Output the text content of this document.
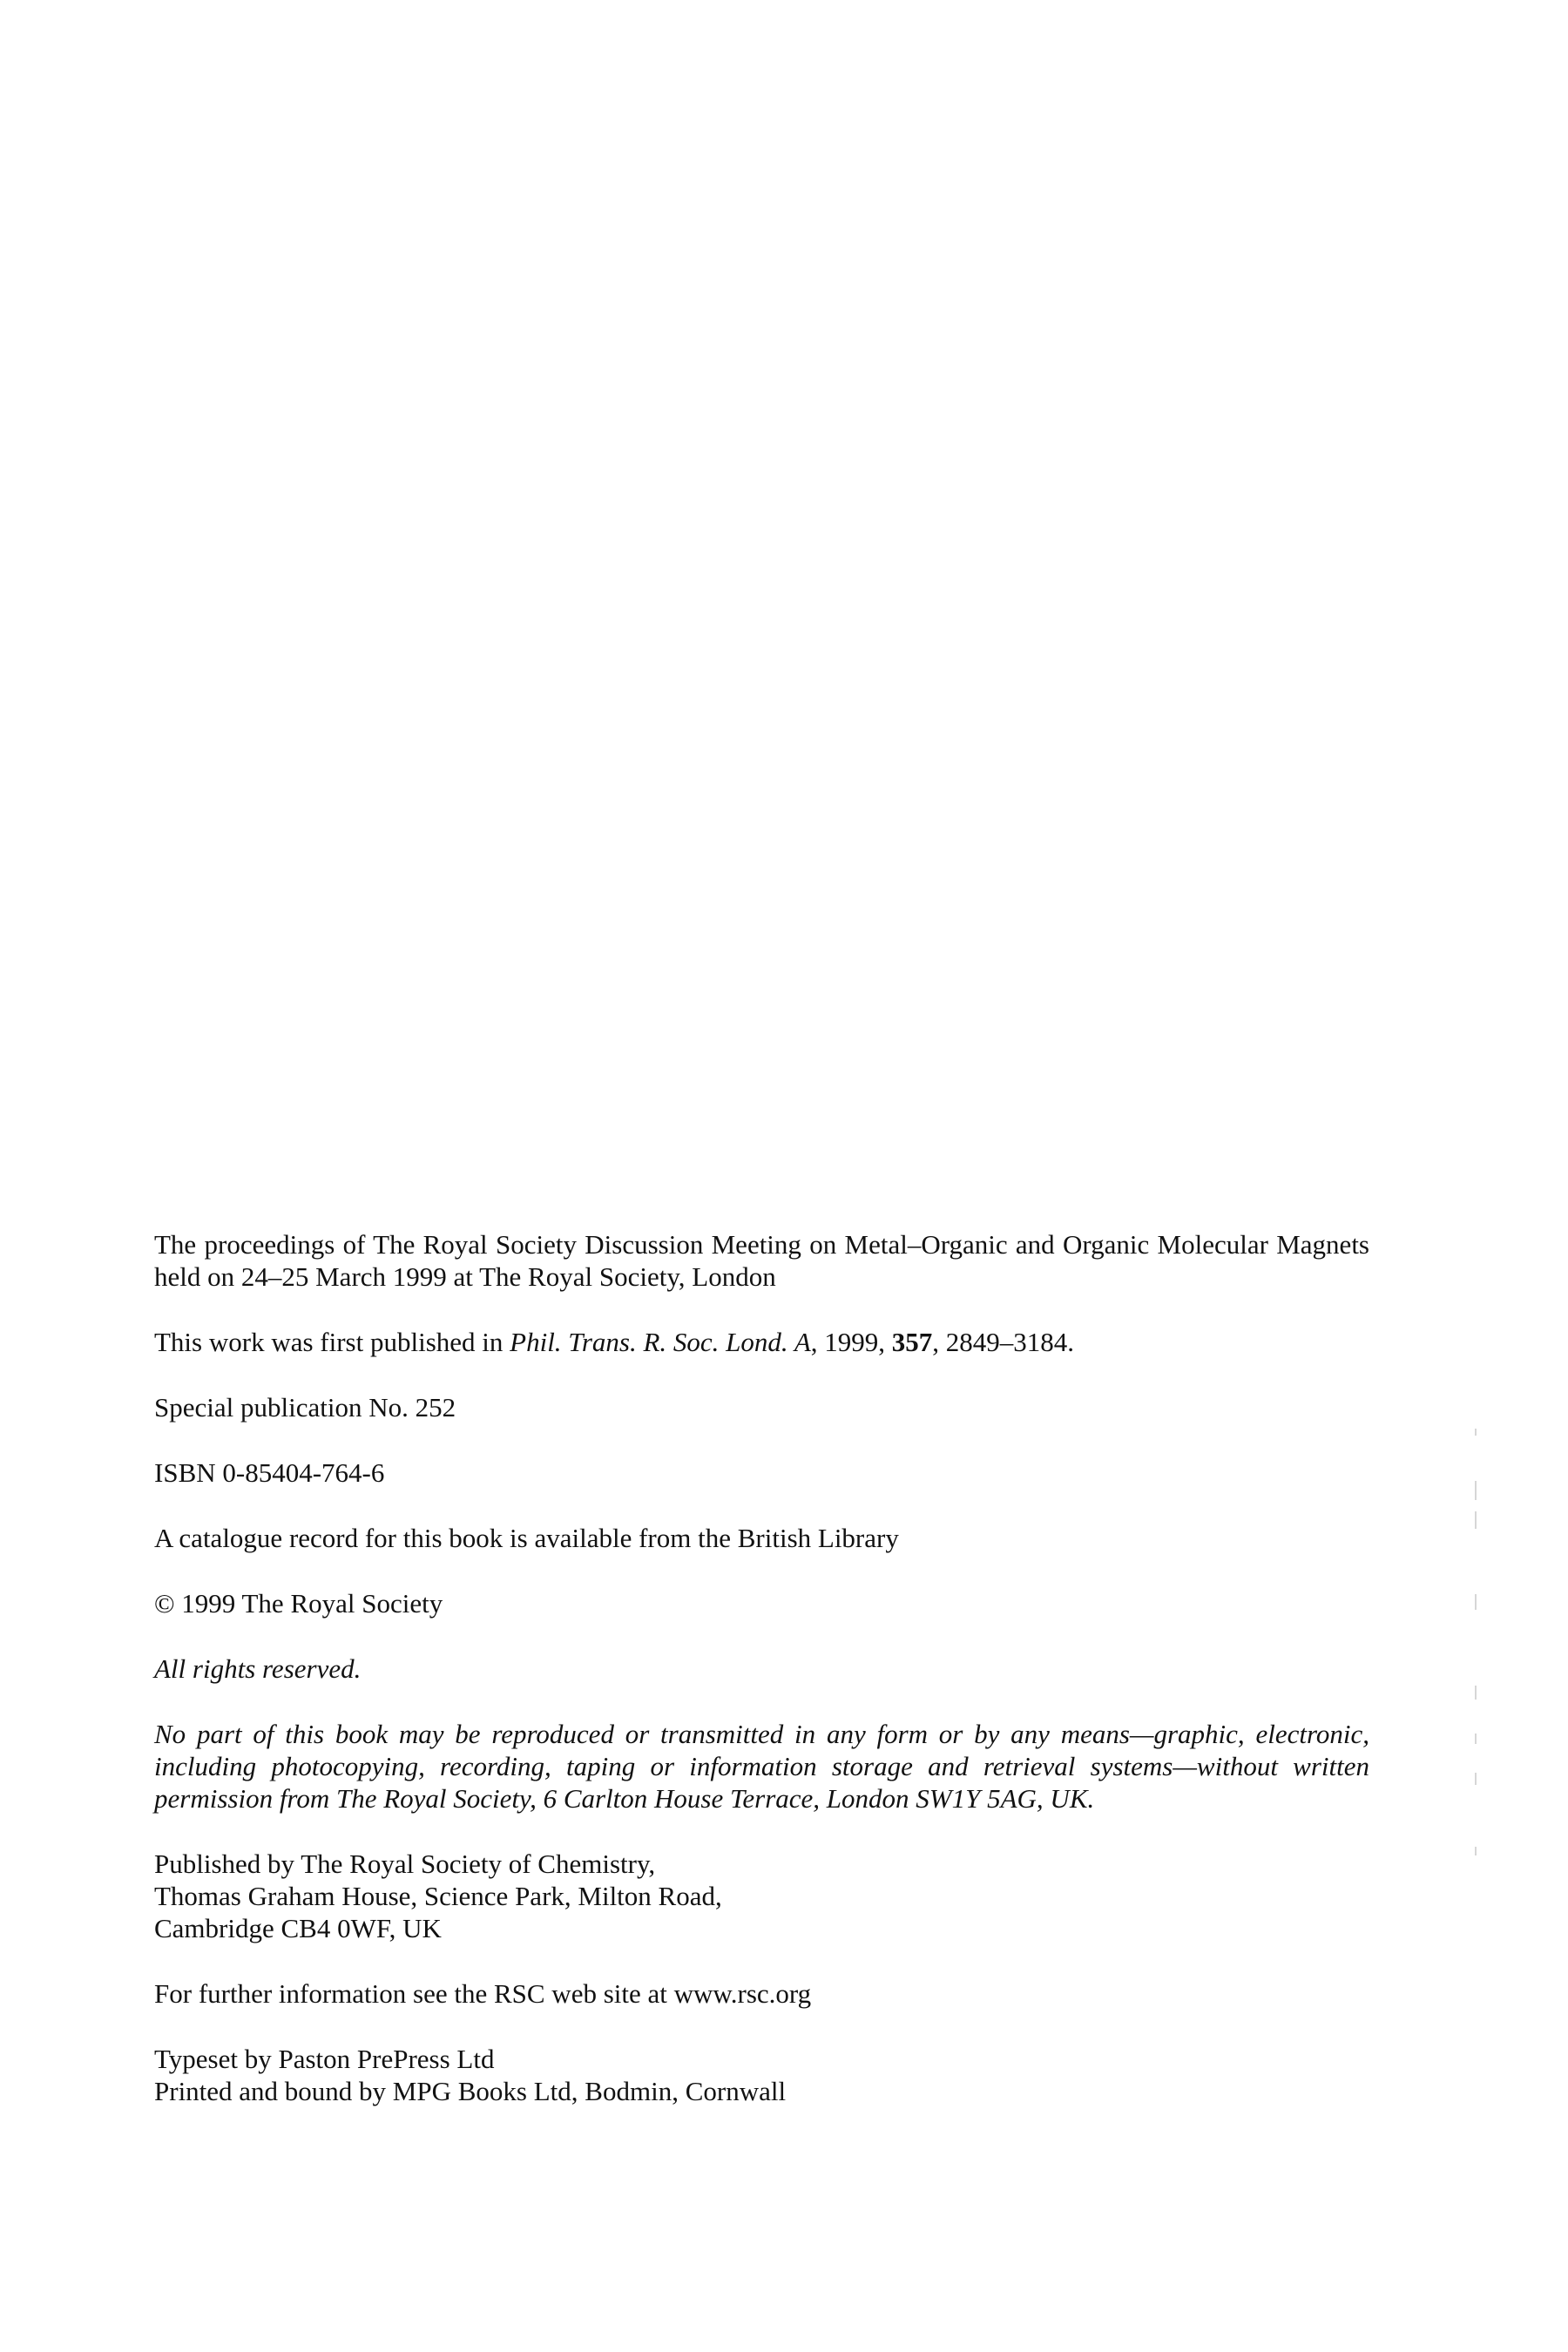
The proceedings of The Royal Society Discussion Meeting on Metal–Organic and Organic Molecular Magnets held on 24–25 March 1999 at The Royal Society, London

This work was first published in Phil. Trans. R. Soc. Lond. A, 1999, 357, 2849–3184.

Special publication No. 252

ISBN 0-85404-764-6

A catalogue record for this book is available from the British Library

© 1999 The Royal Society

All rights reserved.

No part of this book may be reproduced or transmitted in any form or by any means—graphic, electronic, including photocopying, recording, taping or information storage and retrieval systems—without written permission from The Royal Society, 6 Carlton House Terrace, London SW1Y 5AG, UK.

Published by The Royal Society of Chemistry,
Thomas Graham House, Science Park, Milton Road,
Cambridge CB4 0WF, UK

For further information see the RSC web site at www.rsc.org

Typeset by Paston PrePress Ltd
Printed and bound by MPG Books Ltd, Bodmin, Cornwall
